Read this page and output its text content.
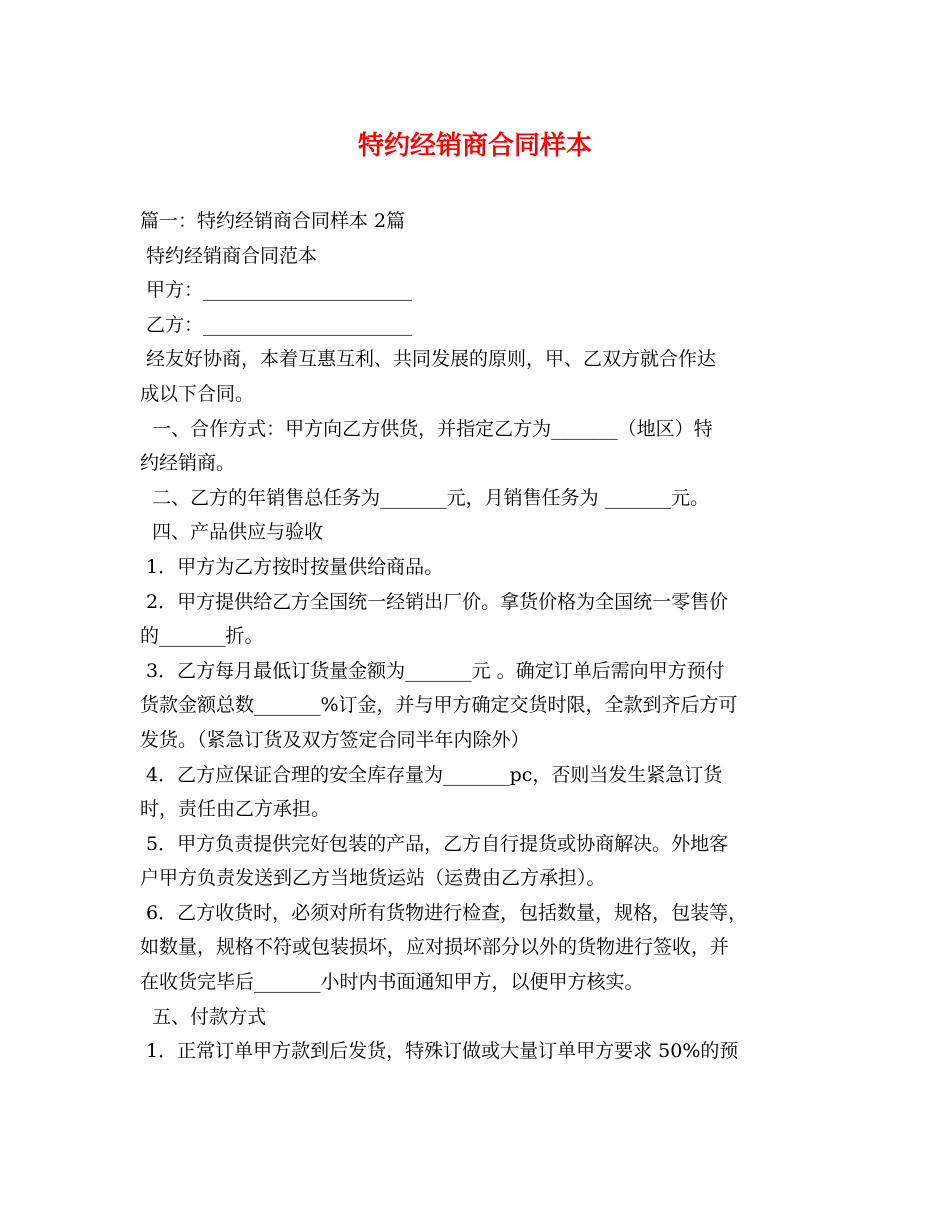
特约经销商合同样本
篇一：特约经销商合同样本 2篇
特约经销商合同范本
甲方：______________________
乙方：______________________
经友好协商，本着互惠互利、共同发展的原则，甲、乙双方就合作达
成以下合同。
一、合作方式：甲方向乙方供货，并指定乙方为_______（地区）特
约经销商。
二、乙方的年销售总任务为_______元，月销售任务为 _______元。
四、产品供应与验收
1．甲方为乙方按时按量供给商品。
2．甲方提供给乙方全国统一经销出厂价。拿货价格为全国统一零售价
的_______折。
3．乙方每月最低订货量金额为_______元 。确定订单后需向甲方预付
货款金额总数_______%订金，并与甲方确定交货时限，全款到齐后方可
发货。（紧急订货及双方签定合同半年内除外）
4．乙方应保证合理的安全库存量为_______pc，否则当发生紧急订货
时，责任由乙方承担。
5．甲方负责提供完好包装的产品，乙方自行提货或协商解决。外地客
户甲方负责发送到乙方当地货运站（运费由乙方承担）。
6．乙方收货时，必须对所有货物进行检查，包括数量，规格，包装等，
如数量，规格不符或包装损坏，应对损坏部分以外的货物进行签收，并
在收货完毕后_______小时内书面通知甲方，以便甲方核实。
五、付款方式
1．正常订单甲方款到后发货，特殊订做或大量订单甲方要求 50%的预
